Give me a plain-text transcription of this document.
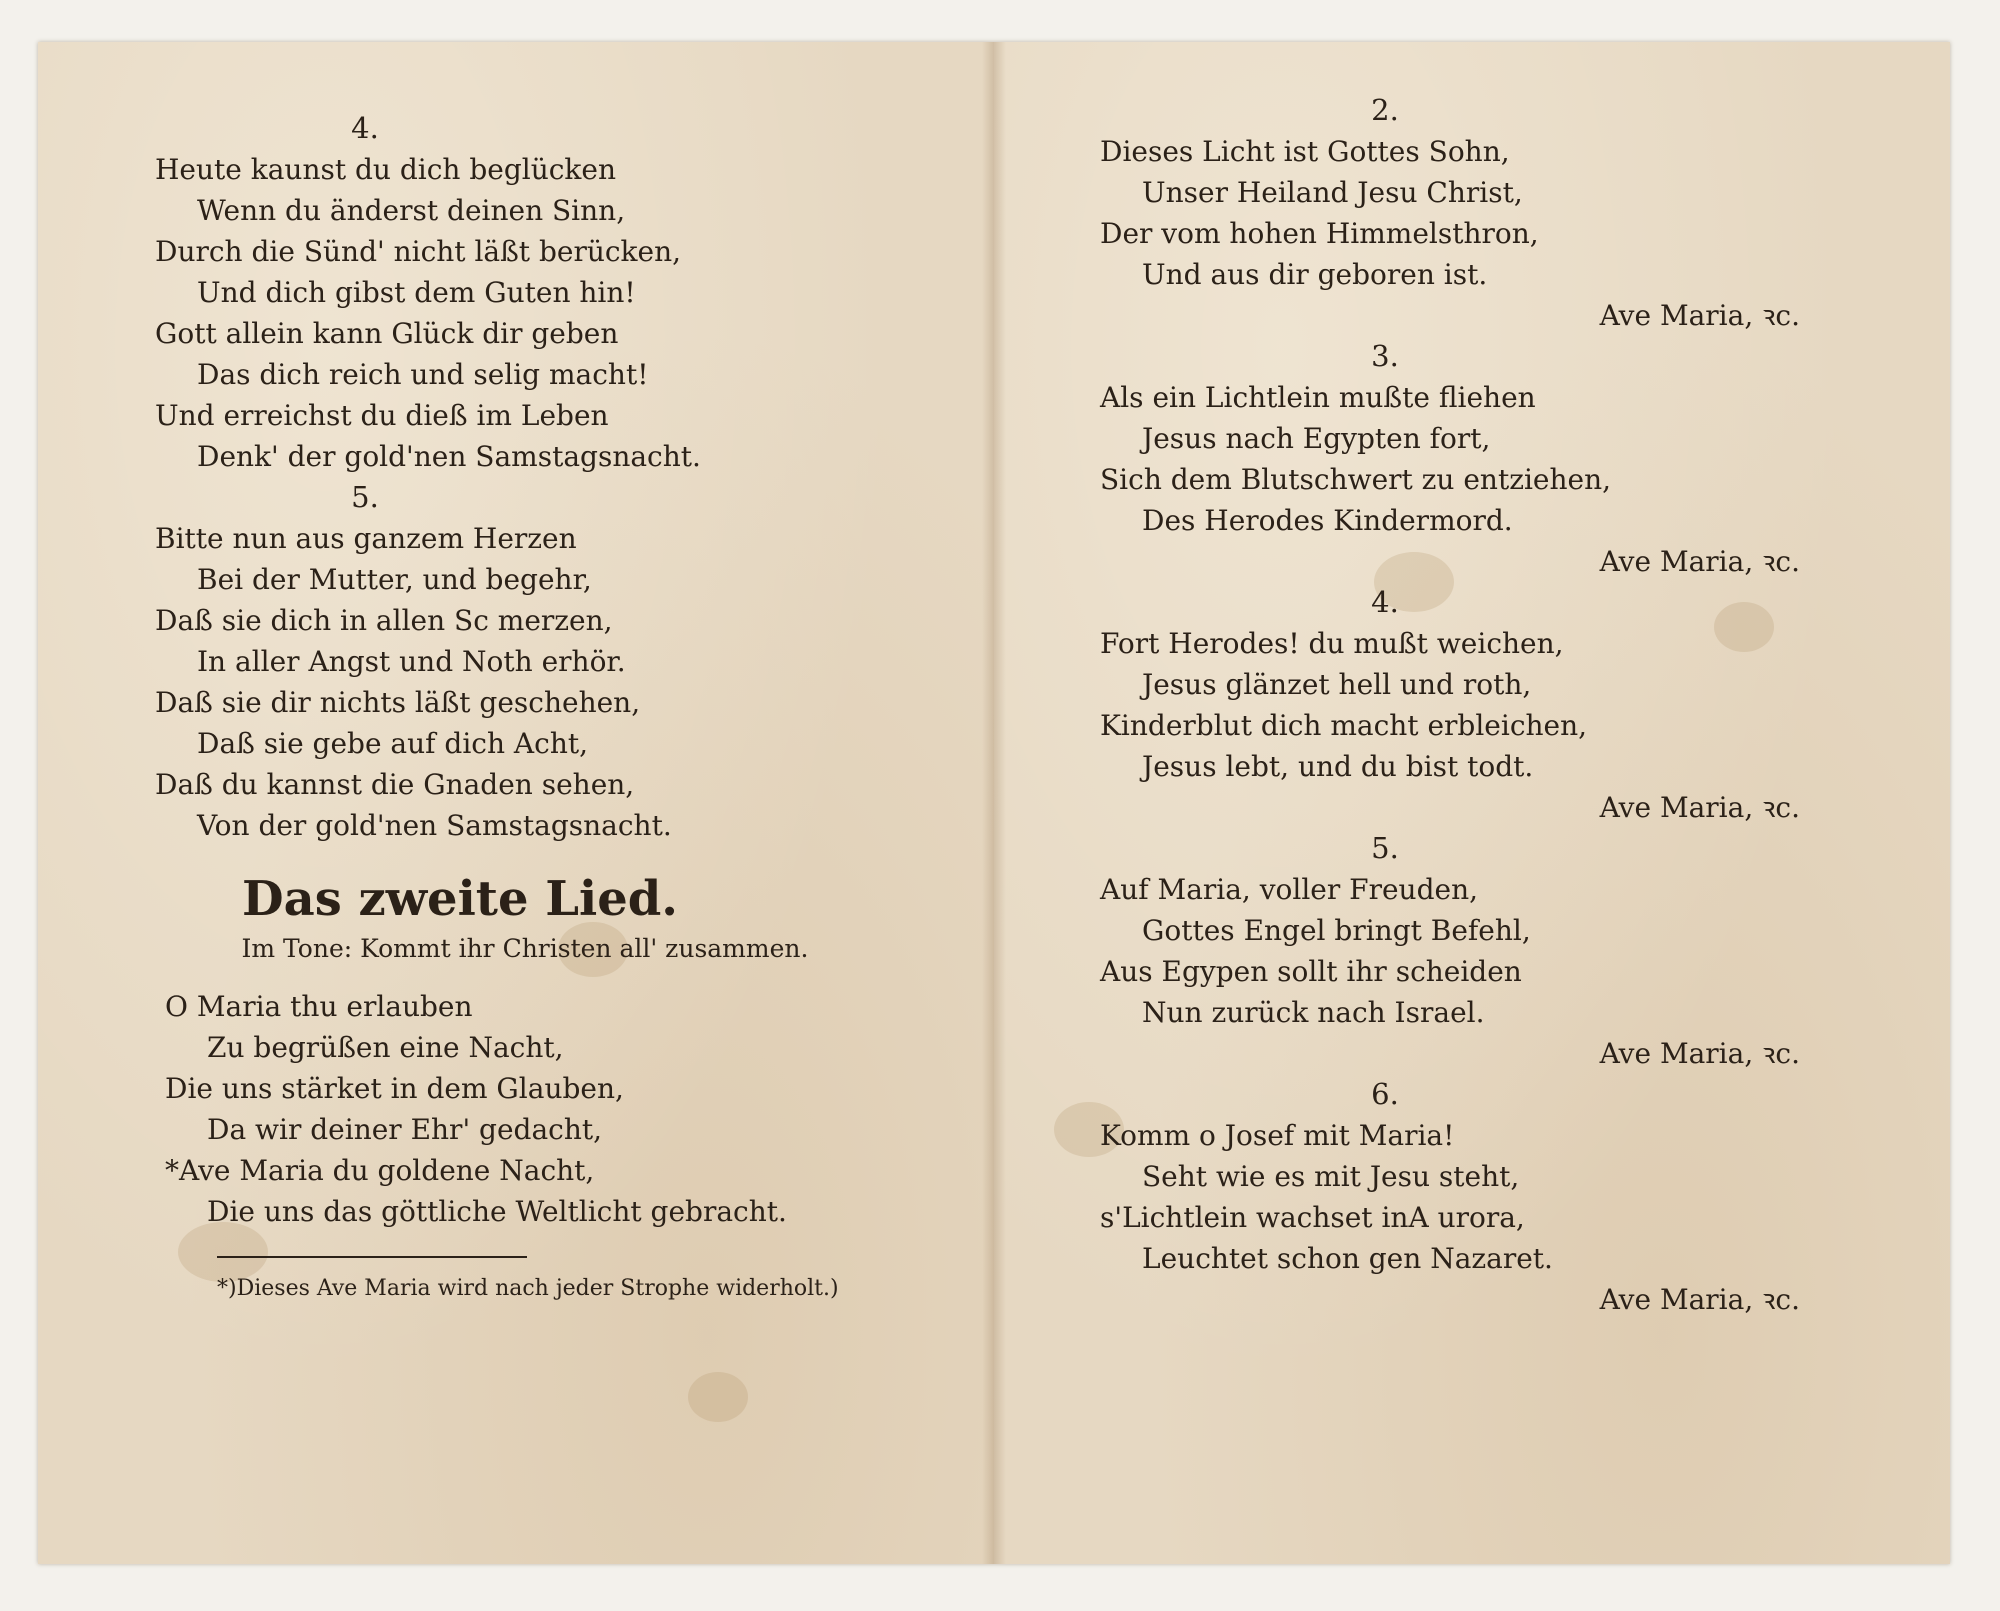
4.
Heute kaunst du dich beglücken
Wenn du änderst deinen Sinn,
Durch die Sünd' nicht läßt berücken,
Und dich gibst dem Guten hin!
Gott allein kann Glück dir geben
Das dich reich und selig macht!
Und erreichst du dieß im Leben
Denk' der gold'nen Samstagsnacht.
5.
Bitte nun aus ganzem Herzen
Bei der Mutter, und begehr,
Daß sie dich in allen Sc merzen,
In aller Angst und Noth erhör.
Daß sie dir nichts läßt geschehen,
Daß sie gebe auf dich Acht,
Daß du kannst die Gnaden sehen,
Von der gold'nen Samstagsnacht.
Das zweite Lied.
Im Tone: Kommt ihr Christen all' zusammen.
O Maria thu erlauben
Zu begrüßen eine Nacht,
Die uns stärket in dem Glauben,
Da wir deiner Ehr' gedacht,
*Ave Maria du goldene Nacht,
Die uns das göttliche Weltlicht gebracht.
*)Dieses Ave Maria wird nach jeder Strophe widerholt.)
2.
Dieses Licht ist Gottes Sohn,
Unser Heiland Jesu Christ,
Der vom hohen Himmelsthron,
Und aus dir geboren ist.
Ave Maria, ꝛc.
3.
Als ein Lichtlein mußte fliehen
Jesus nach Egypten fort,
Sich dem Blutschwert zu entziehen,
Des Herodes Kindermord.
Ave Maria, ꝛc.
4.
Fort Herodes! du mußt weichen,
Jesus glänzet hell und roth,
Kinderblut dich macht erbleichen,
Jesus lebt, und du bist todt.
Ave Maria, ꝛc.
5.
Auf Maria, voller Freuden,
Gottes Engel bringt Befehl,
Aus Egypen sollt ihr scheiden
Nun zurück nach Israel.
Ave Maria, ꝛc.
6.
Komm o Josef mit Maria!
Seht wie es mit Jesu steht,
s'Lichtlein wachset inA urora,
Leuchtet schon gen Nazaret.
Ave Maria, ꝛc.
